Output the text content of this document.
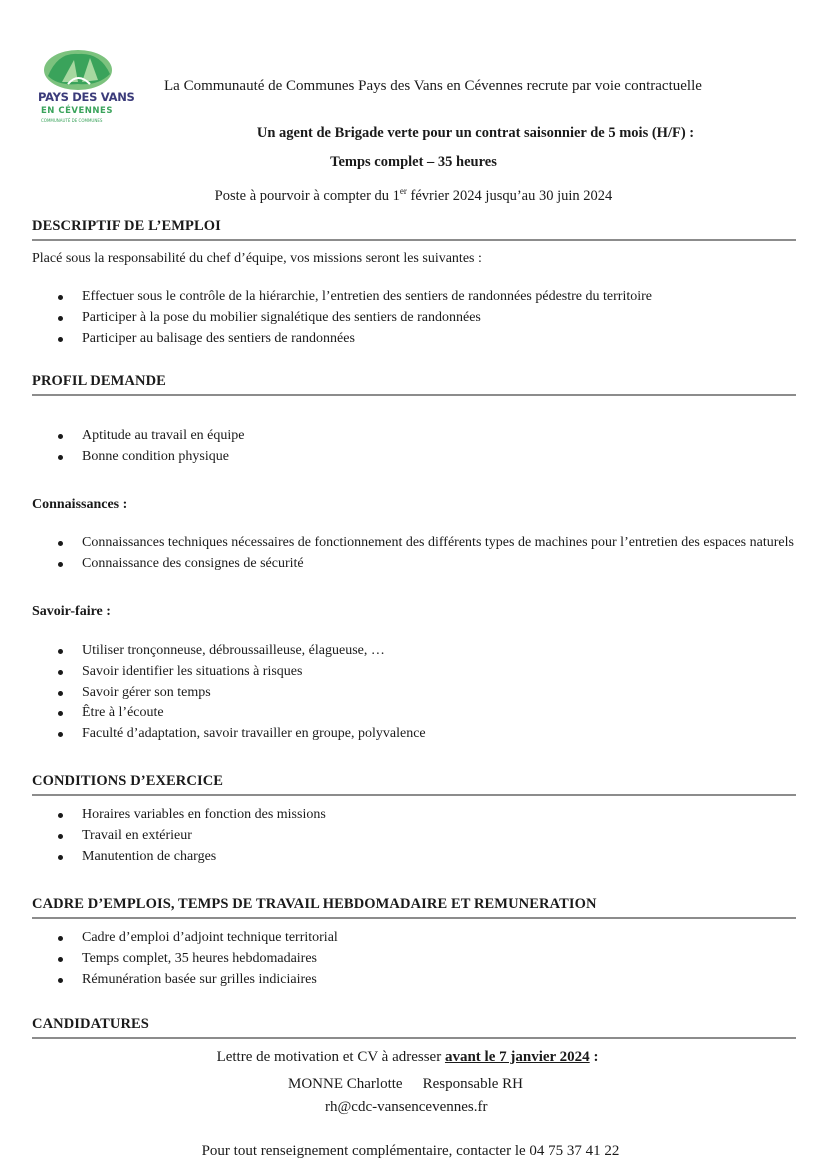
PAYS DES VANS
EN CÉVENNES
COMMUNAUTÉ DE COMMUNES
La Communauté de Communes Pays des Vans en Cévennes recrute par voie contractuelle
Un agent de Brigade verte pour un contrat saisonnier de 5 mois (H/F) :
Temps complet – 35 heures
Poste à pourvoir à compter du 1er février 2024 jusqu’au 30 juin 2024
DESCRIPTIF DE L’EMPLOI
Placé sous la responsabilité du chef d’équipe, vos missions seront les suivantes :
Effectuer sous le contrôle de la hiérarchie, l’entretien des sentiers de randonnées pédestre du territoire
Participer à la pose du mobilier signalétique des sentiers de randonnées
Participer au balisage des sentiers de randonnées
PROFIL DEMANDE
Aptitude au travail en équipe
Bonne condition physique
Connaissances :
Connaissances techniques nécessaires de fonctionnement des différents types de machines pour l’entretien des espaces naturels
Connaissance des consignes de sécurité
Savoir-faire :
Utiliser tronçonneuse, débroussailleuse, élagueuse, …
Savoir identifier les situations à risques
Savoir gérer son temps
Être à l’écoute
Faculté d’adaptation, savoir travailler en groupe, polyvalence
CONDITIONS D’EXERCICE
Horaires variables en fonction des missions
Travail en extérieur
Manutention de charges
CADRE D’EMPLOIS, TEMPS DE TRAVAIL HEBDOMADAIRE ET REMUNERATION
Cadre d’emploi d’adjoint technique territorial
Temps complet, 35 heures hebdomadaires
Rémunération basée sur grilles indiciaires
CANDIDATURES
Lettre de motivation et CV à adresser avant le 7 janvier 2024 :
MONNE Charlotte Responsable RH
rh@cdc-vansencevennes.fr
Pour tout renseignement complémentaire, contacter le 04 75 37 41 22
